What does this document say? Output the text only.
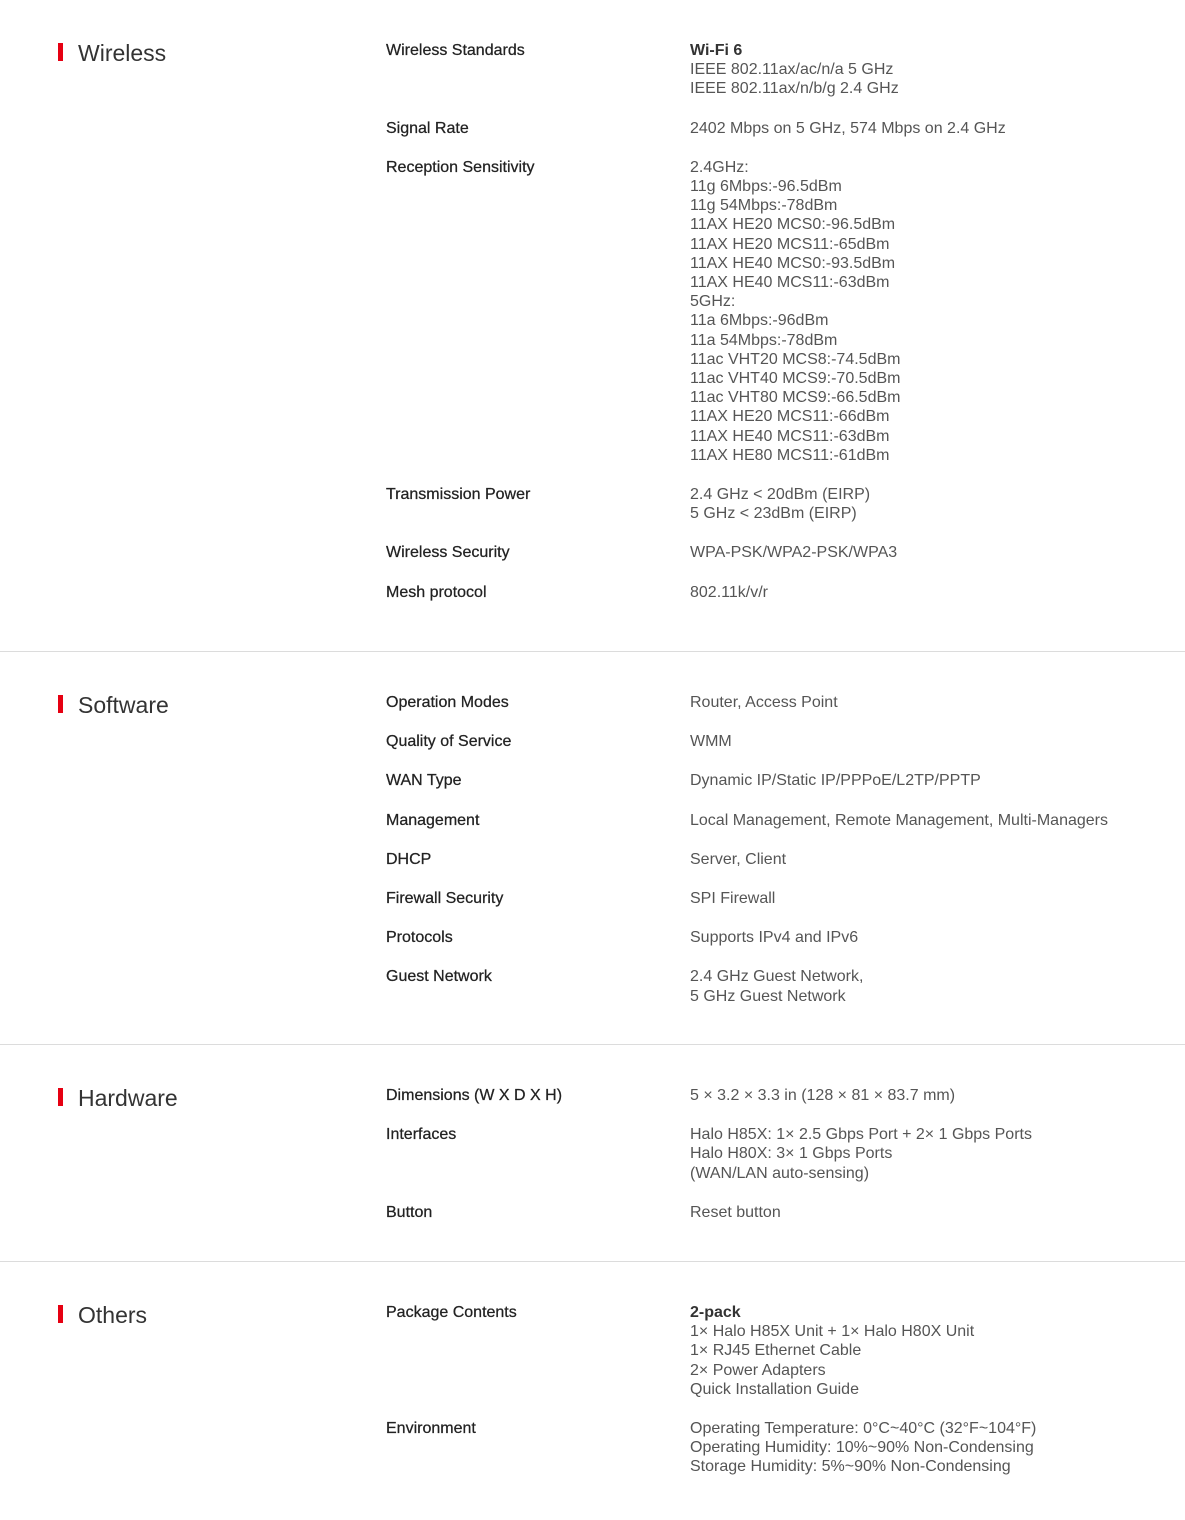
Wireless	Wireless Standards	Wi-Fi 6
IEEE 802.11ax/ac/n/a 5 GHz
IEEE 802.11ax/n/b/g 2.4 GHz
Signal Rate	2402 Mbps on 5 GHz, 574 Mbps on 2.4 GHz
Reception Sensitivity	2.4GHz:
11g 6Mbps:-96.5dBm
11g 54Mbps:-78dBm
11AX HE20 MCS0:-96.5dBm
11AX HE20 MCS11:-65dBm
11AX HE40 MCS0:-93.5dBm
11AX HE40 MCS11:-63dBm
5GHz:
11a 6Mbps:-96dBm
11a 54Mbps:-78dBm
11ac VHT20 MCS8:-74.5dBm
11ac VHT40 MCS9:-70.5dBm
11ac VHT80 MCS9:-66.5dBm
11AX HE20 MCS11:-66dBm
11AX HE40 MCS11:-63dBm
11AX HE80 MCS11:-61dBm
Transmission Power	2.4 GHz < 20dBm (EIRP)
5 GHz < 23dBm (EIRP)
Wireless Security	WPA-PSK/WPA2-PSK/WPA3
Mesh protocol	802.11k/v/r
Software	Operation Modes	Router, Access Point
Quality of Service	WMM
WAN Type	Dynamic IP/Static IP/PPPoE/L2TP/PPTP
Management	Local Management, Remote Management, Multi-Managers
DHCP	Server, Client
Firewall Security	SPI Firewall
Protocols	Supports IPv4 and IPv6
Guest Network	2.4 GHz Guest Network,
5 GHz Guest Network
Hardware	Dimensions (W X D X H)	5 × 3.2 × 3.3 in (128 × 81 × 83.7 mm)
Interfaces	Halo H85X: 1× 2.5 Gbps Port + 2× 1 Gbps Ports
Halo H80X: 3× 1 Gbps Ports
(WAN/LAN auto-sensing)
Button	Reset button
Others	Package Contents	2-pack
1× Halo H85X Unit + 1× Halo H80X Unit
1× RJ45 Ethernet Cable
2× Power Adapters
Quick Installation Guide
Environment	Operating Temperature: 0°C~40°C (32°F~104°F)
Operating Humidity: 10%~90% Non-Condensing
Storage Humidity: 5%~90% Non-Condensing
